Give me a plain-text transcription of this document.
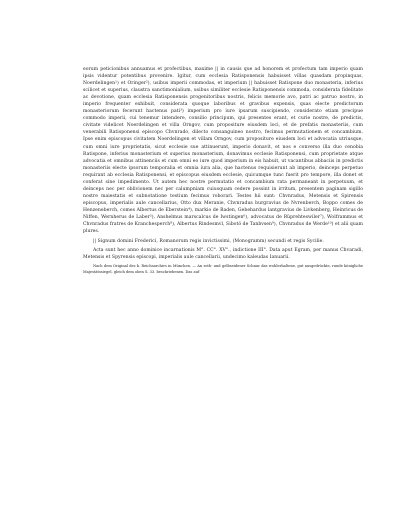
eorum peticionibus annuamus et profectibus, maxime || in causis que ad honorem et profectum tam imperio quam ipsis videntur potentibus provenire. Igitur, cum ecclesia Ratisponensis habuisset villas quasdam propinquas, Noerdelingen¹) et Oringer²), usibus imperii commodas, et imperium || habuisset Ratispone duo monasteria, inferius scilicet et superius, claustra sanctimonialium, usibus similiter ecclesie Ratisponensis commoda, considerata fidelitate ac devotione, quam ecclesia Ratisponensis progenitoribus nostris, felicis memorie avo, patri ac patruo nostro, in imperio frequenter exhibuit, considerata quoque laboribus et gravibus expensis, quas electe predictorum monasteriorum fecerunt hactenus pati³) imperium pro iure ipsarum suscipiendo, considerato etiam precipue commodo imperii, cui tenemur intendere, consilio principum, qui presentes erant, et curie nostre, de predictis, civitate videlicet Noerdelingen et villa Orngov, cum propositure eiusdem loci, et de prefatis monasteriis, cum venerabili Ratisponensi episcopo Chvnrado, dilecto consanguineo nostro, fecimus permutationem et concambium. Ipse enim episcopus civitatem Noerdelingen et villam Orngov, cum propositure eiusdem loci et advocatia utriusque, cum omni iure proprietatis, sicut ecclesie sue attinuerunt, imperio donavit, et nos e converso illa duo cenobia Ratispone, inferius monasterium et superius monasterium, donavimus ecclesie Ratisponensi, cum proprietate atque advocatia et omnibus attinenciis et cum omni eo iure quod imperium in eis habuit, ut vacantibus abbaciis in predictis monasteriis electe ipsorum temporalia et omnia iura alia, que hactenus requisierunt ab imperio, deinceps perpetuo requirant ab ecclesia Ratisponensi, et episcopus eiusdem ecclesie, quicumque tunc fuerit pro tempore, illa donet et conferat sine impedimento. Ut autem hec nostre permutatio et concambium rata permaneant in perpetuum, et deinceps nec per oblivionem nec per calumpniam cuiusquam cedere possint in irritum, presentem paginam sigillo nostre maiestatis et subnotatione testium fecimus roborari. Testes hii sunt: Chvnradus, Metensis et Spirensis episcopus, imperialis aule cancellarius, Otto dux Meranie, Chvnradus burgravius de Nvrenberch, Boppo comes de Henzeneberch, comes Albertus de Eberstein⁴), markio de Baden, Gebehardus lantgravius de Livkenberg, Heinricus de Niffen, Wernherus de Laber⁵), Anshelmus marscalcus de Iwstingen⁶), advocatus de Rüprehteswiler⁷), Wolframmus et Chvnradus fratres de Kranchesperch⁸), Albertus Rindesmvl, Sibotö de Tanbvsen⁹), Chvnradus de Werde¹⁰) et alii quam plures.

|| Signum domini Frederici, Romanorum regis invictissimi, (Monogramm) secundi et regis Sycilie.

Acta sunt hec anno dominice incarnationis M°. CC°. XV°., indictione III°. Data aput Egram, per manus Chvaradi, Metensis et Spyrensis episcopi, imperialis aule cancellarii, undecimo kaleudas Ianuarii.

Nach dem Original des k. Reichsarchivs in München. — An roth- und gelbseidener Schnur das wohlerhaltene, gut ausgedrückte, runde königliche Majestätssiegel, gleich dem oben S. 33. beschriebenen. Das auf
